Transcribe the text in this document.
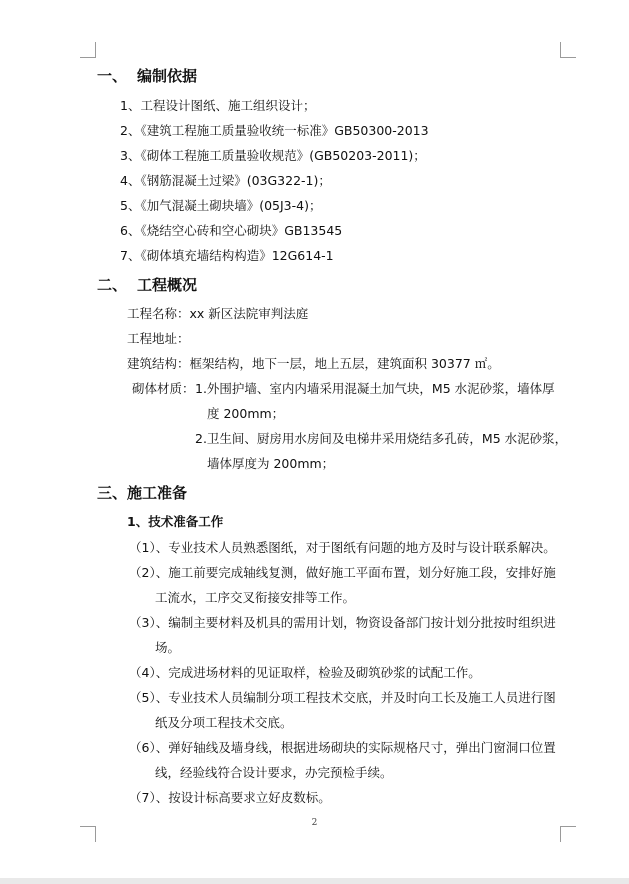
一、 编制依据
1、工程设计图纸、施工组织设计；
2、《建筑工程施工质量验收统一标准》GB50300-2013
3、《砌体工程施工质量验收规范》(GB50203-2011)；
4、《钢筋混凝土过梁》(03G322-1)；
5、《加气混凝土砌块墙》(05J3-4)；
6、《烧结空心砖和空心砌块》GB13545
7、《砌体填充墙结构构造》12G614-1
二、 工程概况
工程名称：xx 新区法院审判法庭
工程地址：
建筑结构：框架结构，地下一层，地上五层，建筑面积 30377 ㎡。
砌体材质： 1.外围护墙、室内内墙采用混凝土加气块，M5 水泥砂浆，墙体厚
度 200mm；
2.卫生间、厨房用水房间及电梯井采用烧结多孔砖，M5 水泥砂浆，
墙体厚度为 200mm；
三、施工准备
1、技术准备工作
（1）、专业技术人员熟悉图纸，对于图纸有问题的地方及时与设计联系解决。
（2）、施工前要完成轴线复测，做好施工平面布置，划分好施工段，安排好施
工流水，工序交叉衔接安排等工作。
（3）、编制主要材料及机具的需用计划，物资设备部门按计划分批按时组织进
场。
（4）、完成进场材料的见证取样，检验及砌筑砂浆的试配工作。
（5）、专业技术人员编制分项工程技术交底，并及时向工长及施工人员进行图
纸及分项工程技术交底。
（6）、弹好轴线及墙身线，根据进场砌块的实际规格尺寸，弹出门窗洞口位置
线，经验线符合设计要求，办完预检手续。
（7）、按设计标高要求立好皮数标。
2
